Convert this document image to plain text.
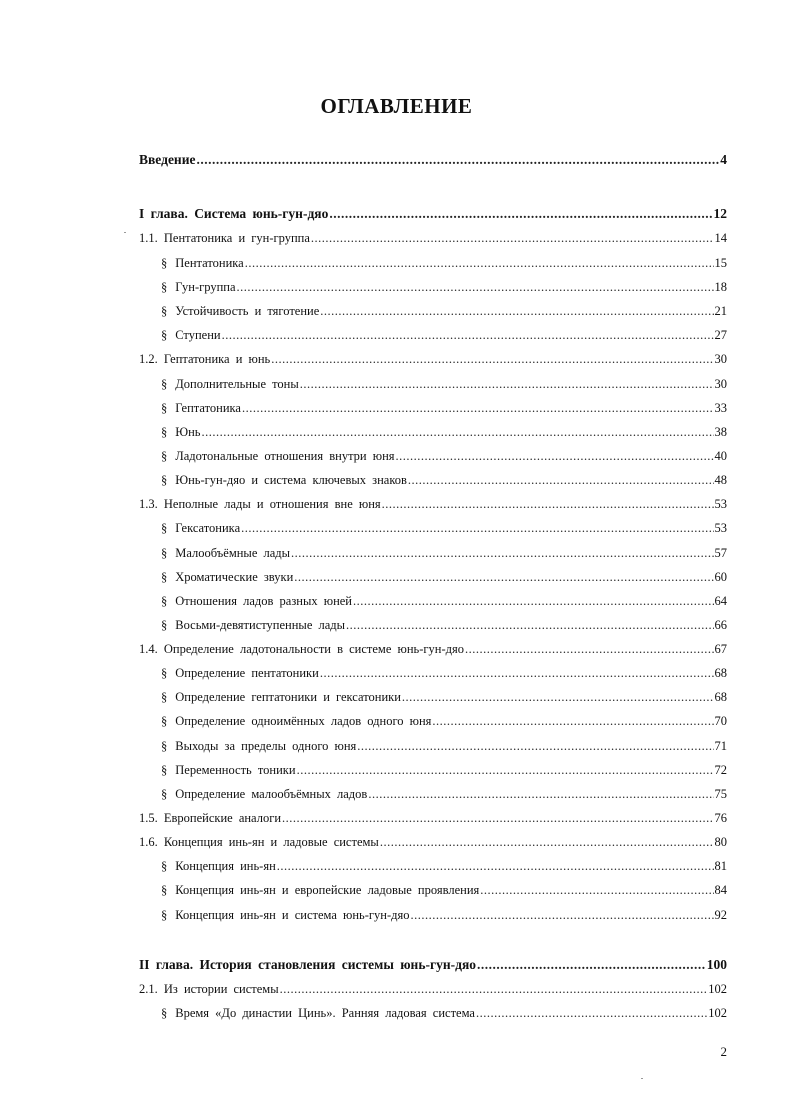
ОГЛАВЛЕНИЕ
Введение .....	4
I глава. Система юнь-гун-дяо .....	12
1.1. Пентатоника и гун-группа .....	14
§ Пентатоника .....	15
§ Гун-группа .....	18
§ Устойчивость и тяготение .....	21
§ Ступени .....	27
1.2. Гептатоника и юнь .....	30
§ Дополнительные тоны .....	30
§ Гептатоника .....	33
§ Юнь .....	38
§ Ладотональные отношения внутри юня .....	40
§ Юнь-гун-дяо и система ключевых знаков .....	48
1.3. Неполные лады и отношения вне юня .....	53
§ Гексатоника .....	53
§ Малообъёмные лады .....	57
§ Хроматические звуки .....	60
§ Отношения ладов разных юней .....	64
§ Восьми-девятиступенные лады .....	66
1.4. Определение ладотональности в системе юнь-гун-дяо .....	67
§ Определение пентатоники .....	68
§ Определение гептатоники и гексатоники .....	68
§ Определение одноимённых ладов одного юня .....	70
§ Выходы за пределы одного юня .....	71
§ Переменность тоники .....	72
§ Определение малообъёмных ладов .....	75
1.5. Европейские аналоги .....	76
1.6. Концепция инь-ян и ладовые системы .....	80
§ Концепция инь-ян .....	81
§ Концепция инь-ян и европейские ладовые проявления .....	84
§ Концепция инь-ян и система юнь-гун-дяо .....	92
II глава. История становления системы юнь-гун-дяо .....	100
2.1. Из истории системы .....	102
§ Время «До династии Цинь». Ранняя ладовая система .....	102
2
